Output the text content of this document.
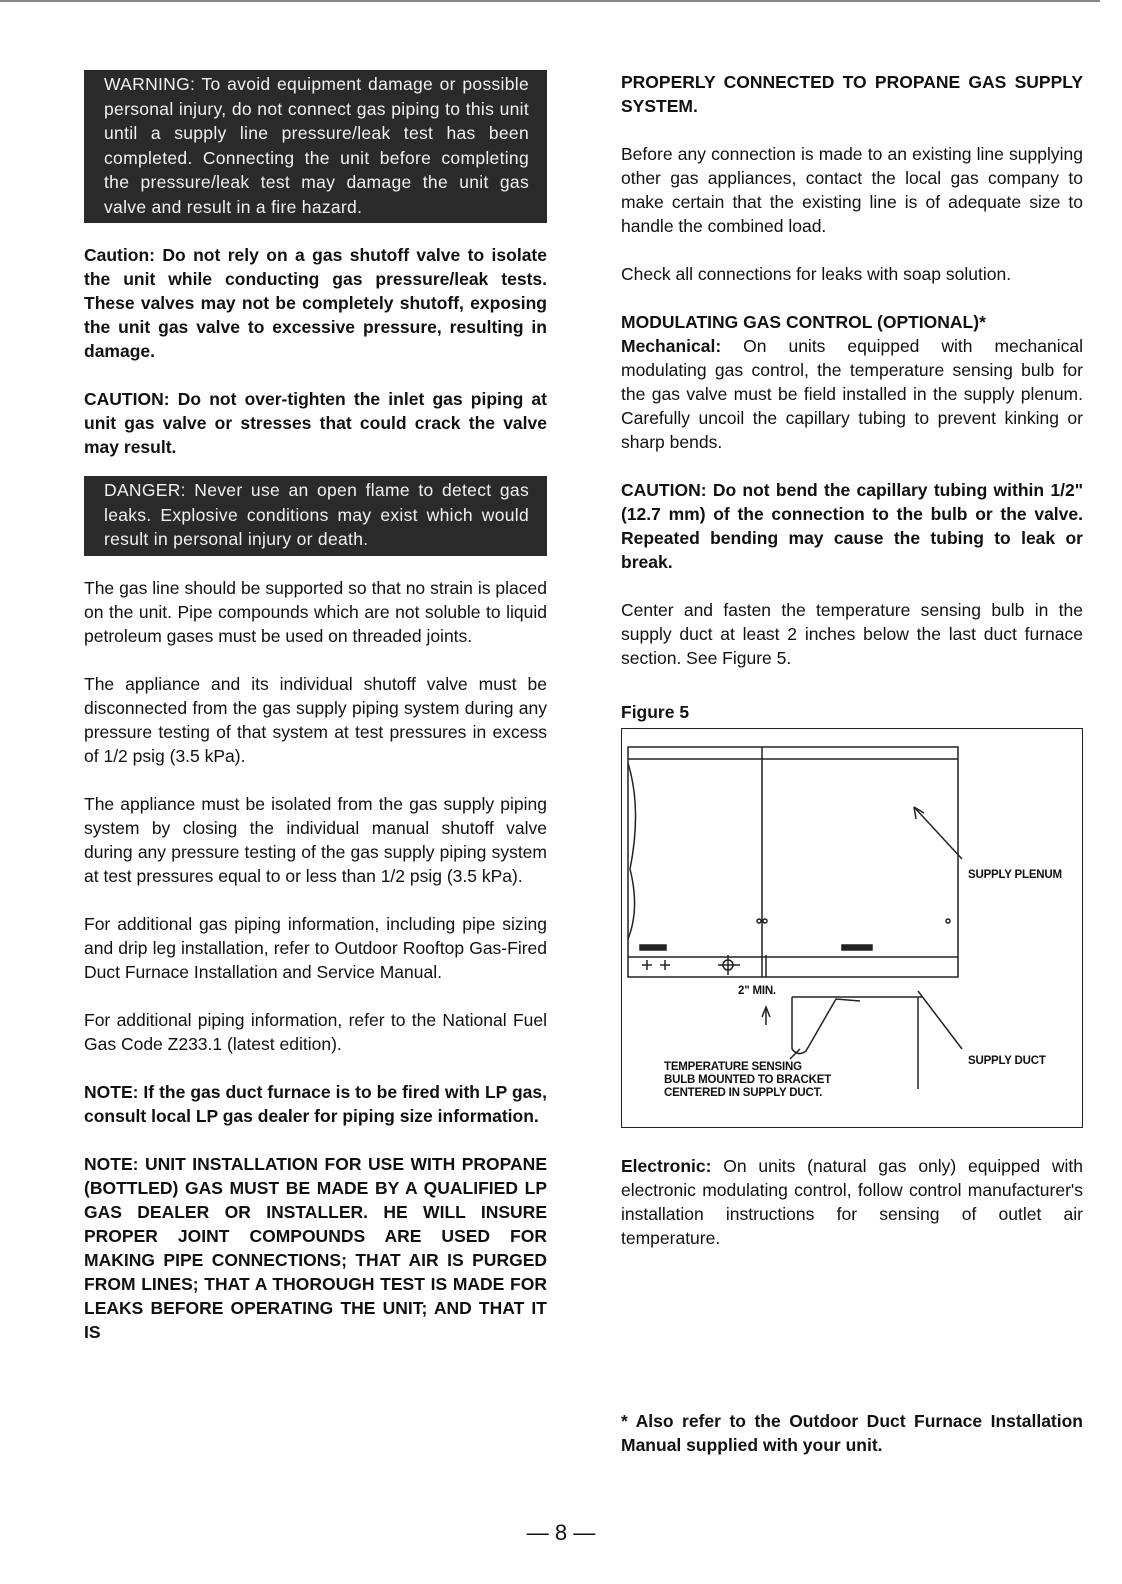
WARNING: To avoid equipment damage or possible personal injury, do not connect gas piping to this unit until a supply line pressure/leak test has been completed. Connecting the unit before completing the pressure/leak test may damage the unit gas valve and result in a fire hazard.

Caution: Do not rely on a gas shutoff valve to isolate the unit while conducting gas pressure/leak tests. These valves may not be completely shutoff, exposing the unit gas valve to excessive pressure, resulting in damage.

CAUTION: Do not over-tighten the inlet gas piping at unit gas valve or stresses that could crack the valve may result.

DANGER: Never use an open flame to detect gas leaks. Explosive conditions may exist which would result in personal injury or death.

The gas line should be supported so that no strain is placed on the unit. Pipe compounds which are not soluble to liquid petroleum gases must be used on threaded joints.

The appliance and its individual shutoff valve must be disconnected from the gas supply piping system during any pressure testing of that system at test pressures in excess of 1/2 psig (3.5 kPa).

The appliance must be isolated from the gas supply piping system by closing the individual manual shutoff valve during any pressure testing of the gas supply piping system at test pressures equal to or less than 1/2 psig (3.5 kPa).

For additional gas piping information, including pipe sizing and drip leg installation, refer to Outdoor Rooftop Gas-Fired Duct Furnace Installation and Service Manual.

For additional piping information, refer to the National Fuel Gas Code Z233.1 (latest edition).

NOTE: If the gas duct furnace is to be fired with LP gas, consult local LP gas dealer for piping size information.

NOTE: UNIT INSTALLATION FOR USE WITH PROPANE (BOTTLED) GAS MUST BE MADE BY A QUALIFIED LP GAS DEALER OR INSTALLER. HE WILL INSURE PROPER JOINT COMPOUNDS ARE USED FOR MAKING PIPE CONNECTIONS; THAT AIR IS PURGED FROM LINES; THAT A THOROUGH TEST IS MADE FOR LEAKS BEFORE OPERATING THE UNIT; AND THAT IT IS

PROPERLY CONNECTED TO PROPANE GAS SUPPLY SYSTEM.

Before any connection is made to an existing line supplying other gas appliances, contact the local gas company to make certain that the existing line is of adequate size to handle the combined load.

Check all connections for leaks with soap solution.

MODULATING GAS CONTROL (OPTIONAL)*

Mechanical: On units equipped with mechanical modulating gas control, the temperature sensing bulb for the gas valve must be field installed in the supply plenum. Carefully uncoil the capillary tubing to prevent kinking or sharp bends.

CAUTION: Do not bend the capillary tubing within 1/2" (12.7 mm) of the connection to the bulb or the valve. Repeated bending may cause the tubing to leak or break.

Center and fasten the temperature sensing bulb in the supply duct at least 2 inches below the last duct furnace section. See Figure 5.

Figure 5
SUPPLY PLENUM
2" MIN.
SUPPLY DUCT
TEMPERATURE SENSING BULB MOUNTED TO BRACKET CENTERED IN SUPPLY DUCT.

Electronic: On units (natural gas only) equipped with electronic modulating control, follow control manufacturer's installation instructions for sensing of outlet air temperature.

* Also refer to the Outdoor Duct Furnace Installation Manual supplied with your unit.
— 8 —
